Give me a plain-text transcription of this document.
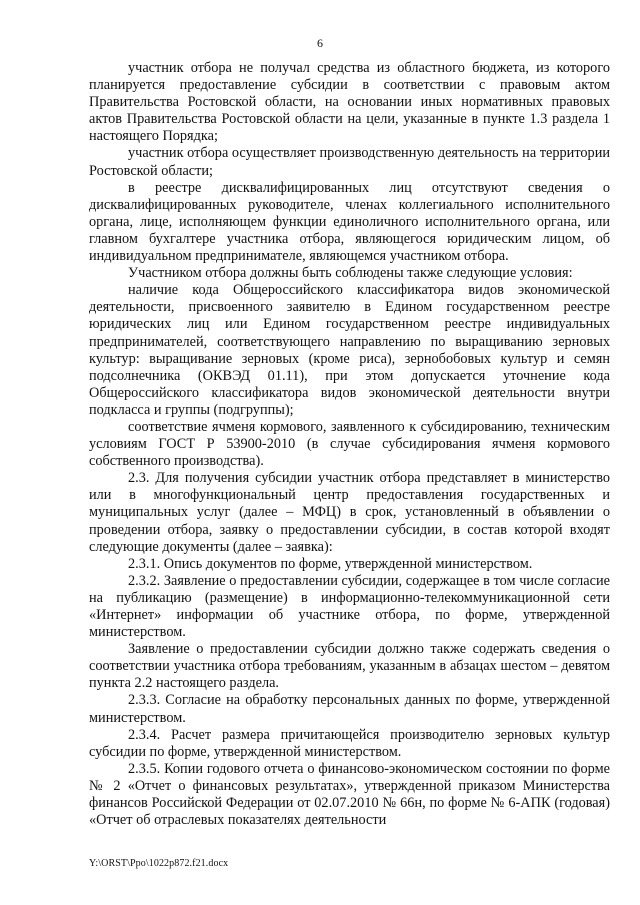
6

участник отбора не получал средства из областного бюджета, из которого планируется предоставление субсидии в соответствии с правовым актом Правительства Ростовской области, на основании иных нормативных правовых актов Правительства Ростовской области на цели, указанные в пункте 1.3 раздела 1 настоящего Порядка;

участник отбора осуществляет производственную деятельность на территории Ростовской области;

в реестре дисквалифицированных лиц отсутствуют сведения о дисквалифицированных руководителе, членах коллегиального исполнительного органа, лице, исполняющем функции единоличного исполнительного органа, или главном бухгалтере участника отбора, являющегося юридическим лицом, об индивидуальном предпринимателе, являющемся участником отбора.

Участником отбора должны быть соблюдены также следующие условия:

наличие кода Общероссийского классификатора видов экономической деятельности, присвоенного заявителю в Едином государственном реестре юридических лиц или Едином государственном реестре индивидуальных предпринимателей, соответствующего направлению по выращиванию зерновых культур: выращивание зерновых (кроме риса), зернобобовых культур и семян подсолнечника (ОКВЭД 01.11), при этом допускается уточнение кода Общероссийского классификатора видов экономической деятельности внутри подкласса и группы (подгруппы);

соответствие ячменя кормового, заявленного к субсидированию, техническим условиям ГОСТ Р 53900-2010 (в случае субсидирования ячменя кормового собственного производства).

2.3. Для получения субсидии участник отбора представляет в министерство или в многофункциональный центр предоставления государственных и муниципальных услуг (далее – МФЦ) в срок, установленный в объявлении о проведении отбора, заявку о предоставлении субсидии, в состав которой входят следующие документы (далее – заявка):

2.3.1. Опись документов по форме, утвержденной министерством.

2.3.2. Заявление о предоставлении субсидии, содержащее в том числе согласие на публикацию (размещение) в информационно-телекоммуникационной сети «Интернет» информации об участнике отбора, по форме, утвержденной министерством.

Заявление о предоставлении субсидии должно также содержать сведения о соответствии участника отбора требованиям, указанным в абзацах шестом – девятом пункта 2.2 настоящего раздела.

2.3.3. Согласие на обработку персональных данных по форме, утвержденной министерством.

2.3.4. Расчет размера причитающейся производителю зерновых культур субсидии по форме, утвержденной министерством.

2.3.5. Копии годового отчета о финансово-экономическом состоянии по форме № 2 «Отчет о финансовых результатах», утвержденной приказом Министерства финансов Российской Федерации от 02.07.2010 № 66н, по форме № 6-АПК (годовая) «Отчет об отраслевых показателях деятельности

Y:\ORST\Ppo\1022p872.f21.docx
